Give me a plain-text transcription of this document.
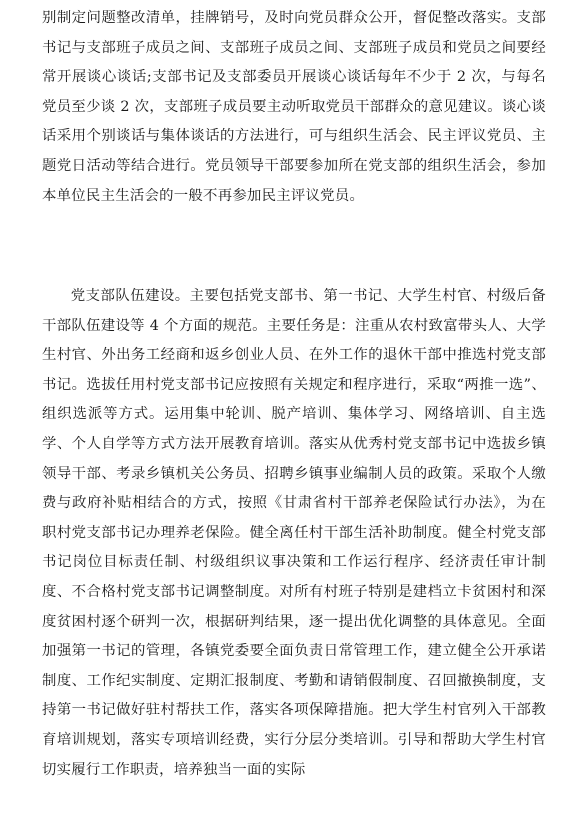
别制定问题整改清单，挂牌销号，及时向党员群众公开，督促整改落实。支部书记与支部班子成员之间、支部班子成员之间、支部班子成员和党员之间要经常开展谈心谈话;支部书记及支部委员开展谈心谈话每年不少于 2 次，与每名党员至少谈 2 次，支部班子成员要主动听取党员干部群众的意见建议。谈心谈话采用个别谈话与集体谈话的方法进行，可与组织生活会、民主评议党员、主题党日活动等结合进行。党员领导干部要参加所在党支部的组织生活会，参加本单位民主生活会的一般不再参加民主评议党员。

党支部队伍建设。主要包括党支部书、第一书记、大学生村官、村级后备干部队伍建设等 4 个方面的规范。主要任务是：注重从农村致富带头人、大学生村官、外出务工经商和返乡创业人员、在外工作的退休干部中推选村党支部书记。选拔任用村党支部书记应按照有关规定和程序进行，采取“两推一选”、组织选派等方式。运用集中轮训、脱产培训、集体学习、网络培训、自主选学、个人自学等方式方法开展教育培训。落实从优秀村党支部书记中选拔乡镇领导干部、考录乡镇机关公务员、招聘乡镇事业编制人员的政策。采取个人缴费与政府补贴相结合的方式，按照《甘肃省村干部养老保险试行办法》，为在职村党支部书记办理养老保险。健全离任村干部生活补助制度。健全村党支部书记岗位目标责任制、村级组织议事决策和工作运行程序、经济责任审计制度、不合格村党支部书记调整制度。对所有村班子特别是建档立卡贫困村和深度贫困村逐个研判一次，根据研判结果，逐一提出优化调整的具体意见。全面加强第一书记的管理，各镇党委要全面负责日常管理工作，建立健全公开承诺制度、工作纪实制度、定期汇报制度、考勤和请销假制度、召回撤换制度，支持第一书记做好驻村帮扶工作，落实各项保障措施。把大学生村官列入干部教育培训规划，落实专项培训经费，实行分层分类培训。引导和帮助大学生村官切实履行工作职责，培养独当一面的实际
